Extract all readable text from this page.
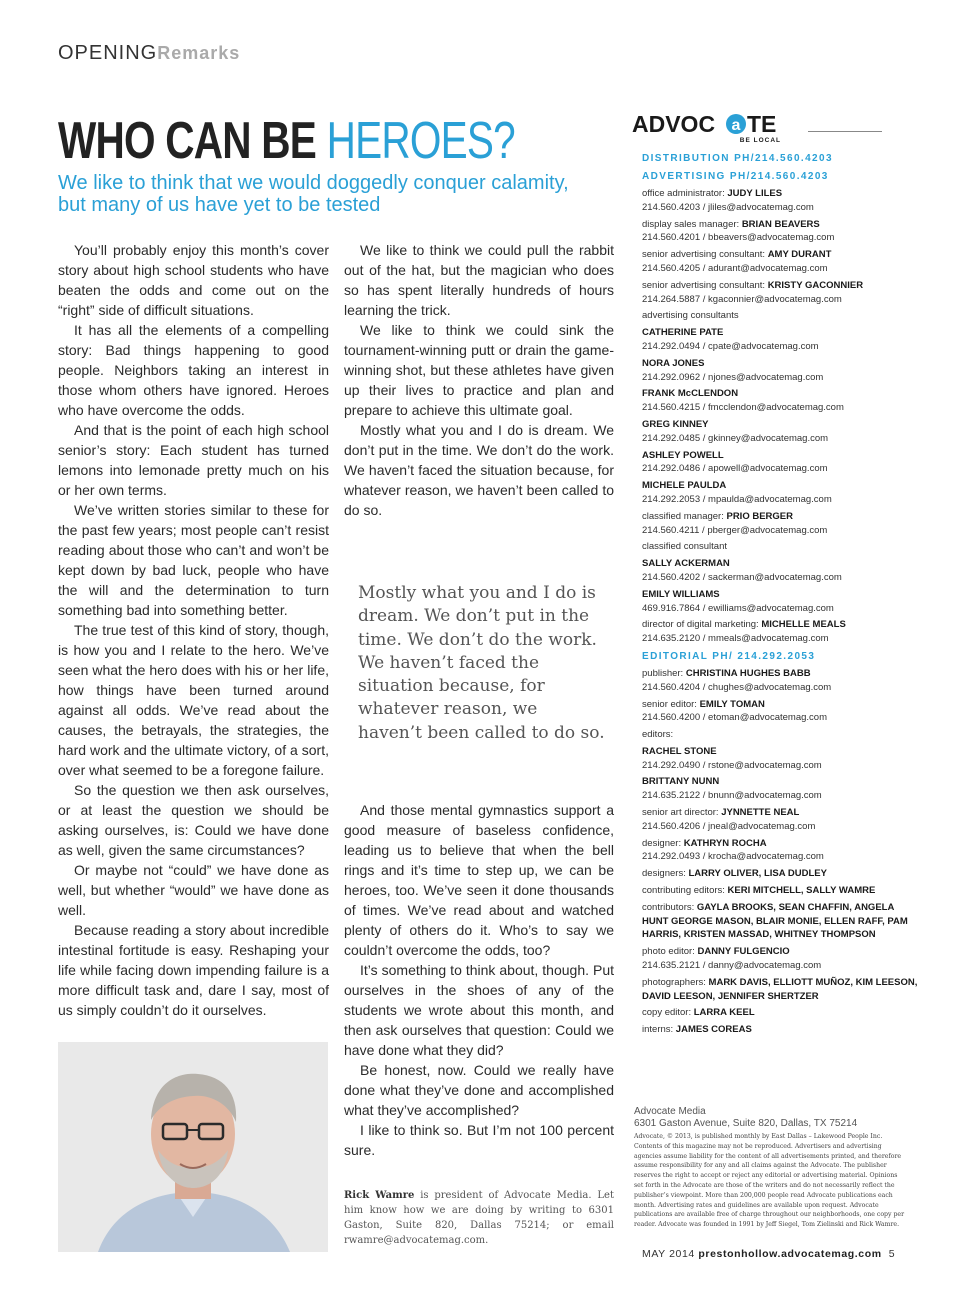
OPENINGRemarks
WHO CAN BE HEROES?
We like to think that we would doggedly conquer calamity, but many of us have yet to be tested

You’ll probably enjoy this month’s cover story about high school students who have beaten the odds and come out on the “right” side of difficult situations.

It has all the elements of a compelling story: Bad things happening to good people. Neighbors taking an interest in those whom others have ignored. Heroes who have overcome the odds.

And that is the point of each high school senior’s story: Each student has turned lemons into lemonade pretty much on his or her own terms.

We’ve written stories similar to these for the past few years; most people can’t resist reading about those who can’t and won’t be kept down by bad luck, people who have the will and the determination to turn something bad into something better.

The true test of this kind of story, though, is how you and I relate to the hero. We’ve seen what the hero does with his or her life, how things have been turned around against all odds. We’ve read about the causes, the betrayals, the strategies, the hard work and the ultimate victory, of a sort, over what seemed to be a foregone failure.

So the question we then ask ourselves, or at least the question we should be asking ourselves, is: Could we have done as well, given the same circumstances?

Or maybe not “could” we have done as well, but whether “would” we have done as well.

Because reading a story about incredible intestinal fortitude is easy. Reshaping your life while facing down impending failure is a more difficult task and, dare I say, most of us simply couldn’t do it ourselves.

We like to think we could pull the rabbit out of the hat, but the magician who does so has spent literally hundreds of hours learning the trick.

We like to think we could sink the tournament-winning putt or drain the game-winning shot, but these athletes have given up their lives to practice and plan and prepare to achieve this ultimate goal.

Mostly what you and I do is dream. We don’t put in the time. We don’t do the work. We haven’t faced the situation because, for whatever reason, we haven’t been called to do so.

Mostly what you and I do is dream. We don’t put in the time. We don’t do the work. We haven’t faced the situation because, for whatever reason, we haven’t been called to do so.

And those mental gymnastics support a good measure of baseless confidence, leading us to believe that when the bell rings and it’s time to step up, we can be heroes, too. We’ve seen it done thousands of times. We’ve read about and watched plenty of others do it. Who’s to say we couldn’t overcome the odds, too?

It’s something to think about, though. Put ourselves in the shoes of any of the students we wrote about this month, and then ask ourselves that question: Could we have done what they did?

Be honest, now. Could we really have done what they’ve done and accomplished what they’ve accomplished?

I like to think so. But I’m not 100 percent sure.

Rick Wamre is president of Advocate Media. Let him know how we are doing by writing to 6301 Gaston, Suite 820, Dallas 75214; or email rwamre@advocatemag.com.
ADVOC a TE
BE LOCAL
DISTRIBUTION PH/214.560.4203
ADVERTISING PH/214.560.4203
office administrator: JUDY LILES
214.560.4203 / jliles@advocatemag.com
display sales manager: BRIAN BEAVERS
214.560.4201 / bbeavers@advocatemag.com
senior advertising consultant: AMY DURANT
214.560.4205 / adurant@advocatemag.com
senior advertising consultant: KRISTY GACONNIER
214.264.5887 / kgaconnier@advocatemag.com
advertising consultants
CATHERINE PATE
214.292.0494 / cpate@advocatemag.com
NORA JONES
214.292.0962 / njones@advocatemag.com
FRANK McCLENDON
214.560.4215 / fmcclendon@advocatemag.com
GREG KINNEY
214.292.0485 / gkinney@advocatemag.com
ASHLEY POWELL
214.292.0486 / apowell@advocatemag.com
MICHELE PAULDA
214.292.2053 / mpaulda@advocatemag.com
classified manager: PRIO BERGER
214.560.4211 / pberger@advocatemag.com
classified consultant
SALLY ACKERMAN
214.560.4202 / sackerman@advocatemag.com
EMILY WILLIAMS
469.916.7864 / ewilliams@advocatemag.com
director of digital marketing: MICHELLE MEALS
214.635.2120 / mmeals@advocatemag.com
EDITORIAL PH/ 214.292.2053
publisher: CHRISTINA HUGHES BABB
214.560.4204 / chughes@advocatemag.com
senior editor: EMILY TOMAN
214.560.4200 / etoman@advocatemag.com
editors:
RACHEL STONE
214.292.0490 / rstone@advocatemag.com
BRITTANY NUNN
214.635.2122 / bnunn@advocatemag.com
senior art director: JYNNETTE NEAL
214.560.4206 / jneal@advocatemag.com
designer: KATHRYN ROCHA
214.292.0493 / krocha@advocatemag.com
designers: LARRY OLIVER, LISA DUDLEY
contributing editors: KERI MITCHELL, SALLY WAMRE
contributors: GAYLA BROOKS, SEAN CHAFFIN, ANGELA HUNT GEORGE MASON, BLAIR MONIE, ELLEN RAFF, PAM HARRIS, KRISTEN MASSAD, WHITNEY THOMPSON
photo editor: DANNY FULGENCIO
214.635.2121 / danny@advocatemag.com
photographers: MARK DAVIS, ELLIOTT MUÑOZ, KIM LEESON, DAVID LEESON, JENNIFER SHERTZER
copy editor: LARRA KEEL
interns: JAMES COREAS
Advocate Media
6301 Gaston Avenue, Suite 820, Dallas, TX 75214
Advocate, © 2013, is published monthly by East Dallas – Lakewood People Inc. Contents of this magazine may not be reproduced. Advertisers and advertising agencies assume liability for the content of all advertisements printed, and therefore assume responsibility for any and all claims against the Advocate. The publisher reserves the right to accept or reject any editorial or advertising material. Opinions set forth in the Advocate are those of the writers and do not necessarily reflect the publisher’s viewpoint. More than 200,000 people read Advocate publications each month. Advertising rates and guidelines are available upon request. Advocate publications are available free of charge throughout our neighborhoods, one copy per reader. Advocate was founded in 1991 by Jeff Siegel, Tom Zielinski and Rick Wamre.
MAY 2014 prestonhollow.advocatemag.com 5
